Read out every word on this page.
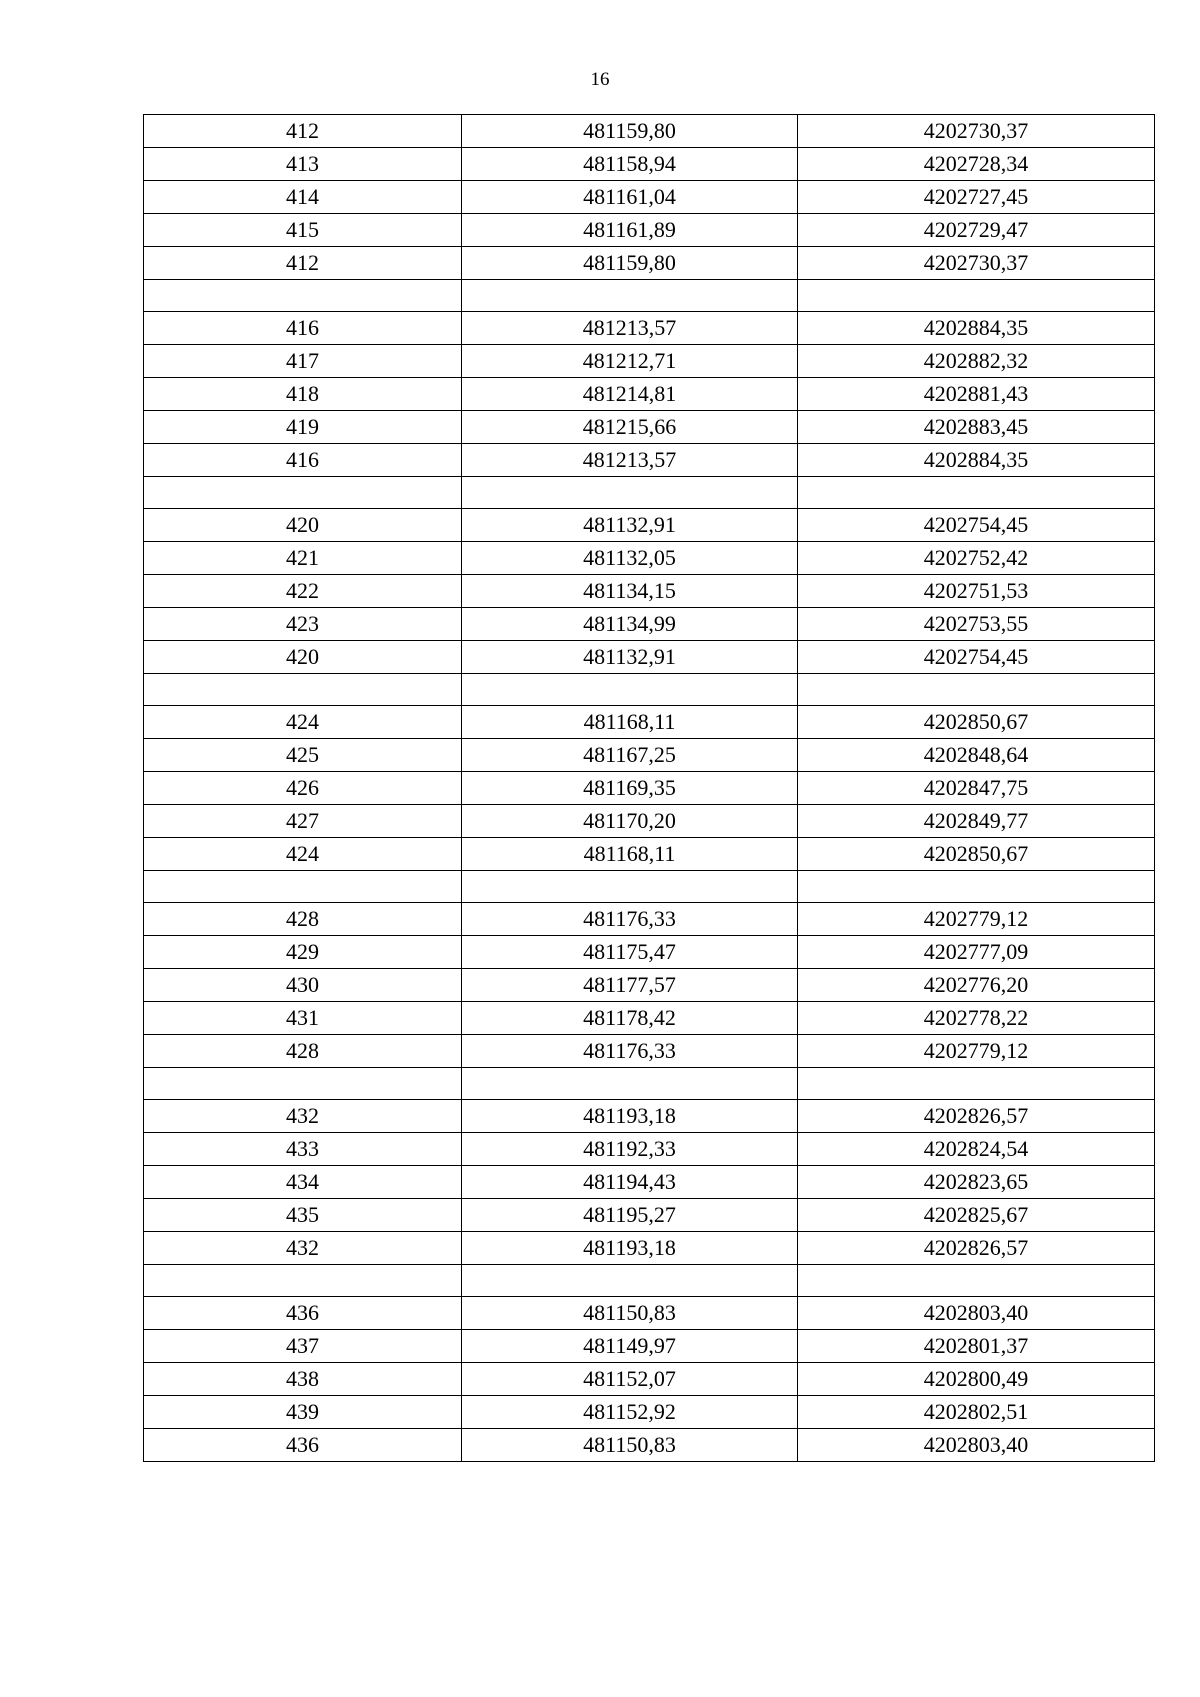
16
412	481159,80	4202730,37
413	481158,94	4202728,34
414	481161,04	4202727,45
415	481161,89	4202729,47
412	481159,80	4202730,37

416	481213,57	4202884,35
417	481212,71	4202882,32
418	481214,81	4202881,43
419	481215,66	4202883,45
416	481213,57	4202884,35

420	481132,91	4202754,45
421	481132,05	4202752,42
422	481134,15	4202751,53
423	481134,99	4202753,55
420	481132,91	4202754,45

424	481168,11	4202850,67
425	481167,25	4202848,64
426	481169,35	4202847,75
427	481170,20	4202849,77
424	481168,11	4202850,67

428	481176,33	4202779,12
429	481175,47	4202777,09
430	481177,57	4202776,20
431	481178,42	4202778,22
428	481176,33	4202779,12

432	481193,18	4202826,57
433	481192,33	4202824,54
434	481194,43	4202823,65
435	481195,27	4202825,67
432	481193,18	4202826,57

436	481150,83	4202803,40
437	481149,97	4202801,37
438	481152,07	4202800,49
439	481152,92	4202802,51
436	481150,83	4202803,40
